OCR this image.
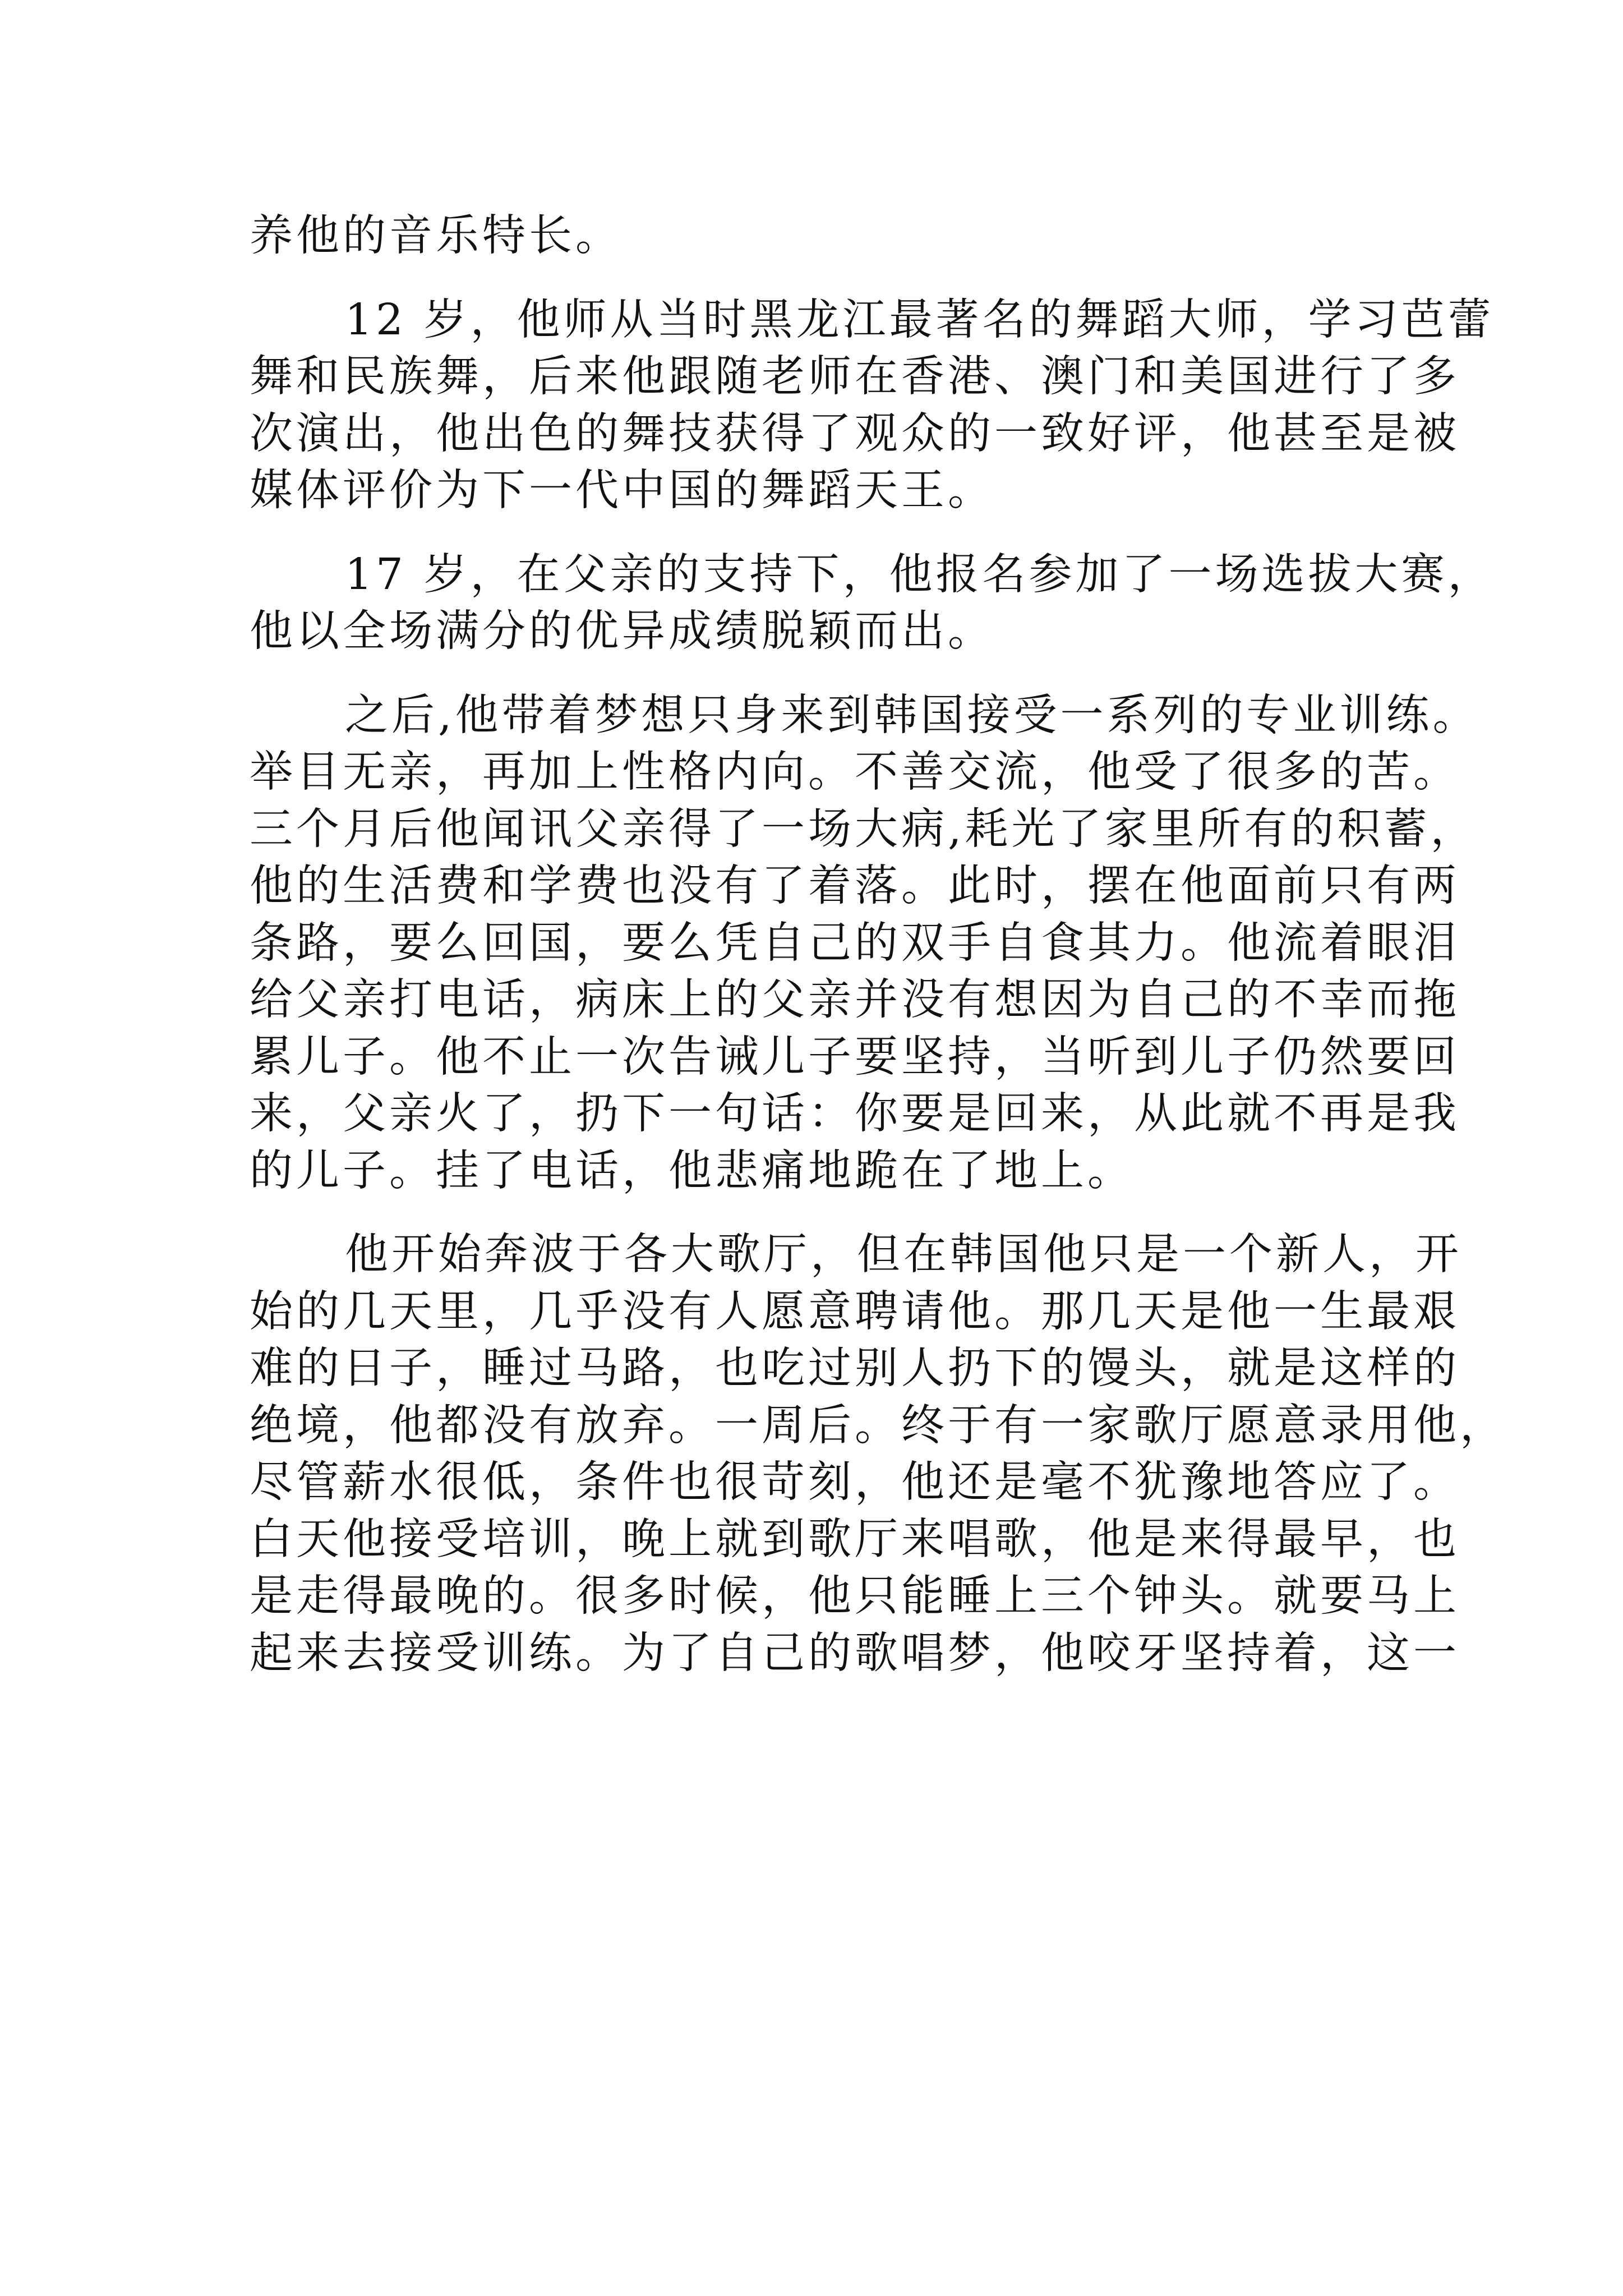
养他的音乐特长。
12 岁，他师从当时黑龙江最著名的舞蹈大师，学习芭蕾
舞和民族舞，后来他跟随老师在香港、澳门和美国进行了多
次演出，他出色的舞技获得了观众的一致好评，他甚至是被
媒体评价为下一代中国的舞蹈天王。
17 岁，在父亲的支持下，他报名参加了一场选拔大赛，
他以全场满分的优异成绩脱颖而出。
之后,他带着梦想只身来到韩国接受一系列的专业训练。
举目无亲，再加上性格内向。不善交流，他受了很多的苦。
三个月后他闻讯父亲得了一场大病,耗光了家里所有的积蓄，
他的生活费和学费也没有了着落。此时，摆在他面前只有两
条路，要么回国，要么凭自己的双手自食其力。他流着眼泪
给父亲打电话，病床上的父亲并没有想因为自己的不幸而拖
累儿子。他不止一次告诫儿子要坚持，当听到儿子仍然要回
来，父亲火了，扔下一句话：你要是回来，从此就不再是我
的儿子。挂了电话，他悲痛地跪在了地上。
他开始奔波于各大歌厅，但在韩国他只是一个新人，开
始的几天里，几乎没有人愿意聘请他。那几天是他一生最艰
难的日子，睡过马路，也吃过别人扔下的馒头，就是这样的
绝境，他都没有放弃。一周后。终于有一家歌厅愿意录用他，
尽管薪水很低，条件也很苛刻，他还是毫不犹豫地答应了。
白天他接受培训，晚上就到歌厅来唱歌，他是来得最早，也
是走得最晚的。很多时候，他只能睡上三个钟头。就要马上
起来去接受训练。为了自己的歌唱梦，他咬牙坚持着，这一
